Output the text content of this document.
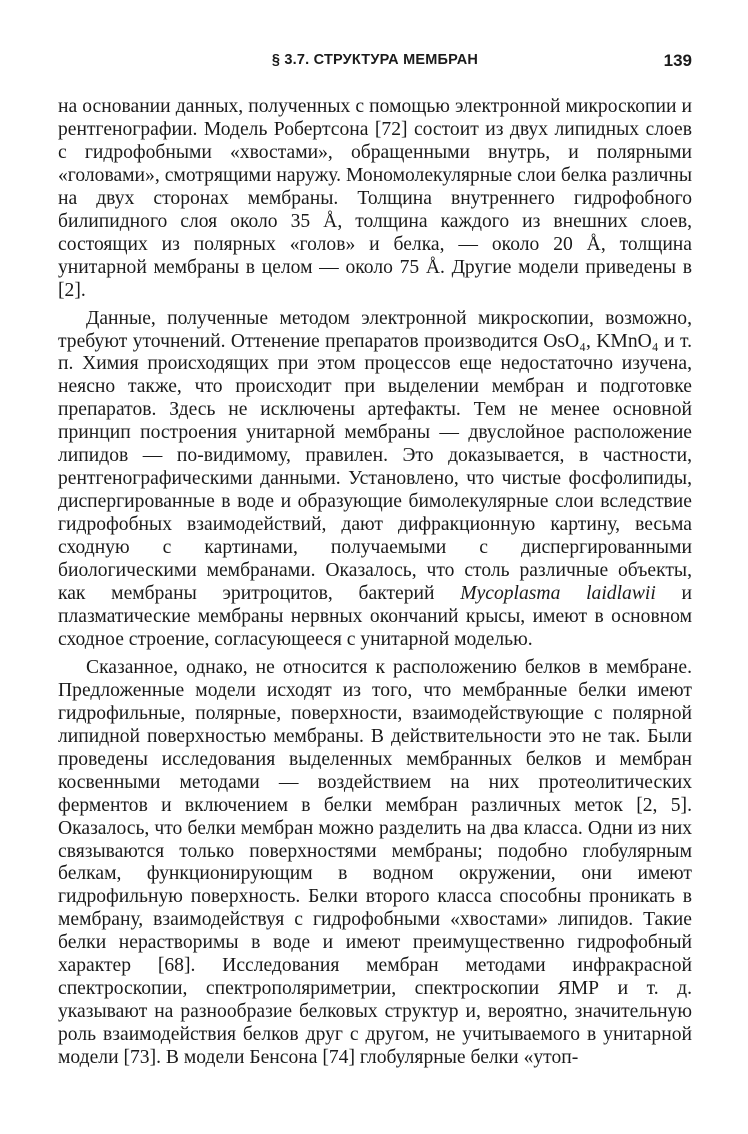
§ 3.7. СТРУКТУРА МЕМБРАН	139

на основании данных, полученных с помощью электронной микроскопии и рентгенографии. Модель Робертсона [72] состоит из двух липидных слоев с гидрофобными «хвостами», обращенными внутрь, и полярными «головами», смотрящими наружу. Мономолекулярные слои белка различны на двух сторонах мембраны. Толщина внутреннего гидрофобного билипидного слоя около 35 Å, толщина каждого из внешних слоев, состоящих из полярных «голов» и белка, — около 20 Å, толщина унитарной мембраны в целом — около 75 Å. Другие модели приведены в [2].

Данные, полученные методом электронной микроскопии, возможно, требуют уточнений. Оттенение препаратов производится OsO₄, KMnO₄ и т. п. Химия происходящих при этом процессов еще недостаточно изучена, неясно также, что происходит при выделении мембран и подготовке препаратов. Здесь не исключены артефакты. Тем не менее основной принцип построения унитарной мембраны — двуслойное расположение липидов — по-видимому, правилен. Это доказывается, в частности, рентгенографическими данными. Установлено, что чистые фосфолипиды, диспергированные в воде и образующие бимолекулярные слои вследствие гидрофобных взаимодействий, дают дифракционную картину, весьма сходную с картинами, получаемыми с диспергированными биологическими мембранами. Оказалось, что столь различные объекты, как мембраны эритроцитов, бактерий Mycoplasma laidlawii и плазматические мембраны нервных окончаний крысы, имеют в основном сходное строение, согласующееся с унитарной моделью.

Сказанное, однако, не относится к расположению белков в мембране. Предложенные модели исходят из того, что мембранные белки имеют гидрофильные, полярные, поверхности, взаимодействующие с полярной липидной поверхностью мембраны. В действительности это не так. Были проведены исследования выделенных мембранных белков и мембран косвенными методами — воздействием на них протеолитических ферментов и включением в белки мембран различных меток [2, 5]. Оказалось, что белки мембран можно разделить на два класса. Одни из них связываются только поверхностями мембраны; подобно глобулярным белкам, функционирующим в водном окружении, они имеют гидрофильную поверхность. Белки второго класса способны проникать в мембрану, взаимодействуя с гидрофобными «хвостами» липидов. Такие белки нерастворимы в воде и имеют преимущественно гидрофобный характер [68]. Исследования мембран методами инфракрасной спектроскопии, спектрополяриметрии, спектроскопии ЯМР и т. д. указывают на разнообразие белковых структур и, вероятно, значительную роль взаимодействия белков друг с другом, не учитываемого в унитарной модели [73]. В модели Бенсона [74] глобулярные белки «утоп-
